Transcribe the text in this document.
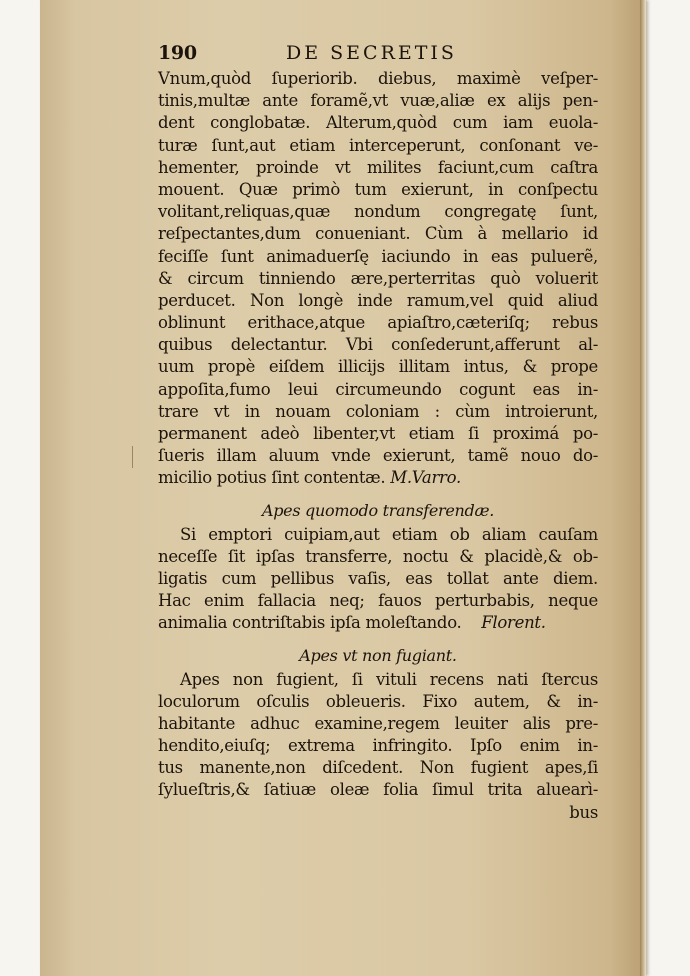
190	DE SECRETIS
Vnum,quòd ſuperiorib. diebus, maximè veſper-
tinis,multæ ante foramẽ,vt vuæ,aliæ ex alijs pen-
dent conglobatæ. Alterum,quòd cum iam euola-
turæ ſunt,aut etiam interceperunt, conſonant ve-
hementer, proinde vt milites faciunt,cum caſtra
mouent. Quæ primò tum exierunt, in conſpectu
volitant,reliquas,quæ nondum congregatę ſunt,
reſpectantes,dum conueniant. Cùm à mellario id
feciſſe ſunt animaduerſę iaciundo in eas puluerẽ,
& circum tinniendo ære,perterritas quò voluerit
perducet. Non longè inde ramum,vel quid aliud
oblinunt erithace,atque apiaſtro,cæteriſq; rebus
quibus delectantur. Vbi conſederunt,afferunt al-
uum propè eiſdem illicijs illitam intus, & prope
appoſita,fumo leui circumeundo cogunt eas in-
trare vt in nouam coloniam : cùm introierunt,
permanent adeò libenter,vt etiam ſi proximá po-
ſueris illam aluum vnde exierunt, tamẽ nouo do-
micilio potius ſint contentæ. M.Varro.
Apes quomodo transferendæ.
Si emptori cuipiam,aut etiam ob aliam cauſam
neceſſe ſit ipſas transferre, noctu & placidè,& ob-
ligatis cum pellibus vaſis, eas tollat ante diem.
Hac enim fallacia neq; fauos perturbabis, neque
animalia contriſtabis ipſa moleſtando. Florent.
Apes vt non fugiant.
Apes non fugient, ſi vituli recens nati ſtercus
loculorum oſculis obleueris. Fixo autem, & in-
habitante adhuc examine,regem leuiter alis pre-
hendito,eiuſq; extrema infringito. Ipſo enim in-
tus manente,non diſcedent. Non fugient apes,ſi
ſylueſtris,& ſatiuæ oleæ folia ſimul trita aluearì-
bus
